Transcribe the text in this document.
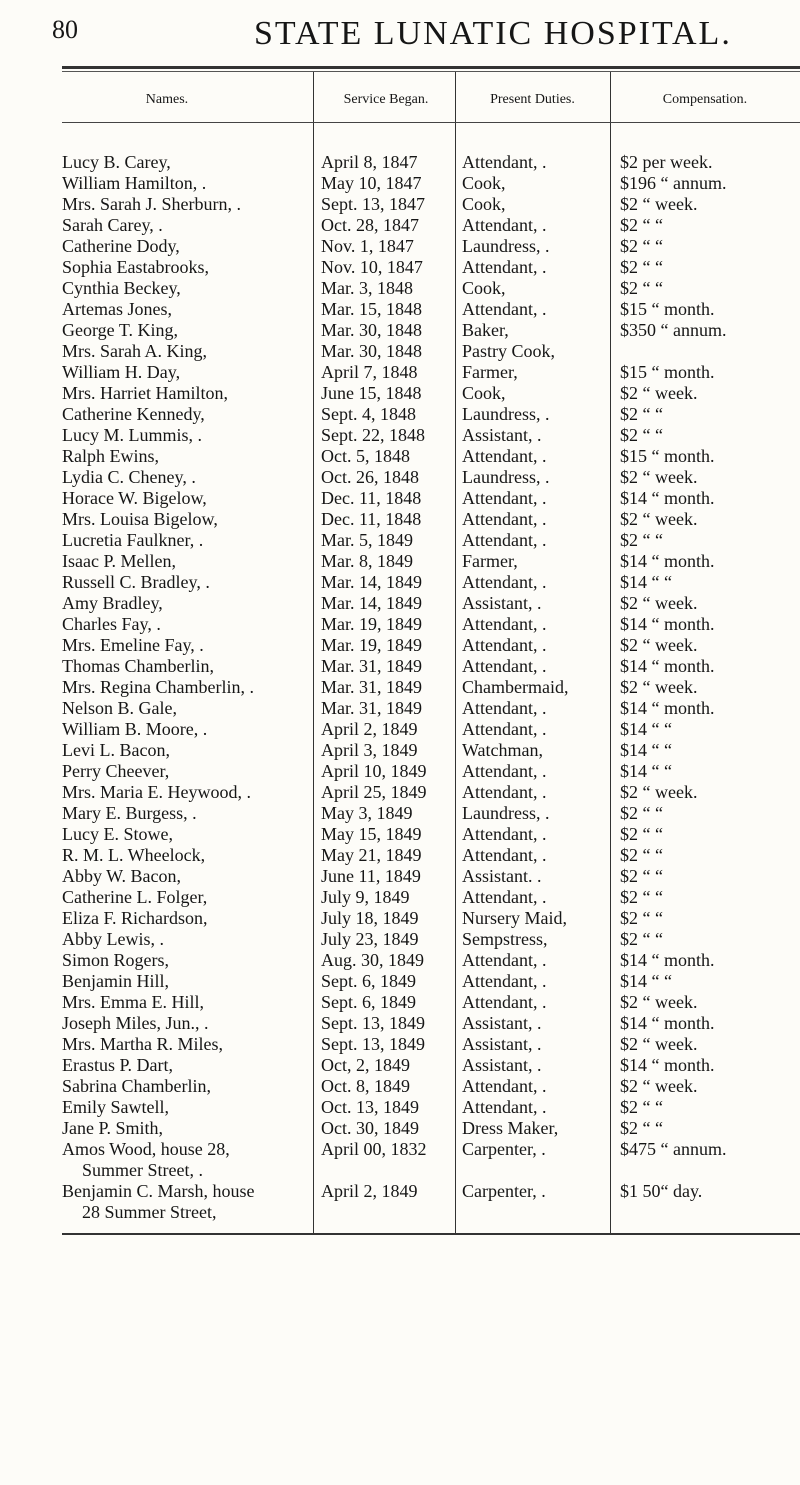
80	STATE LUNATIC HOSPITAL.
Names.	Service Began.	Present Duties.	Compensation.
Lucy B. Carey,	April 8, 1847	Attendant, .	$2 per week.
William Hamilton, .	May 10, 1847	Cook,	$196 “ annum.
Mrs. Sarah J. Sherburn, .	Sept. 13, 1847	Cook,	$2 “ week.
Sarah Carey, .	Oct. 28, 1847	Attendant, .	$2 “ “
Catherine Dody,	Nov. 1, 1847	Laundress, .	$2 “ “
Sophia Eastabrooks,	Nov. 10, 1847	Attendant, .	$2 “ “
Cynthia Beckey,	Mar. 3, 1848	Cook,	$2 “ “
Artemas Jones,	Mar. 15, 1848	Attendant, .	$15 “ month.
George T. King,	Mar. 30, 1848	Baker,	$350 “ annum.
Mrs. Sarah A. King,	Mar. 30, 1848	Pastry Cook,
William H. Day,	April 7, 1848	Farmer,	$15 “ month.
Mrs. Harriet Hamilton,	June 15, 1848	Cook,	$2 “ week.
Catherine Kennedy,	Sept. 4, 1848	Laundress, .	$2 “ “
Lucy M. Lummis, .	Sept. 22, 1848	Assistant, .	$2 “ “
Ralph Ewins,	Oct. 5, 1848	Attendant, .	$15 “ month.
Lydia C. Cheney, .	Oct. 26, 1848	Laundress, .	$2 “ week.
Horace W. Bigelow,	Dec. 11, 1848	Attendant, .	$14 “ month.
Mrs. Louisa Bigelow,	Dec. 11, 1848	Attendant, .	$2 “ week.
Lucretia Faulkner, .	Mar. 5, 1849	Attendant, .	$2 “ “
Isaac P. Mellen,	Mar. 8, 1849	Farmer,	$14 “ month.
Russell C. Bradley, .	Mar. 14, 1849	Attendant, .	$14 “ “
Amy Bradley,	Mar. 14, 1849	Assistant, .	$2 “ week.
Charles Fay, .	Mar. 19, 1849	Attendant, .	$14 “ month.
Mrs. Emeline Fay, .	Mar. 19, 1849	Attendant, .	$2 “ week.
Thomas Chamberlin,	Mar. 31, 1849	Attendant, .	$14 “ month.
Mrs. Regina Chamberlin, .	Mar. 31, 1849	Chambermaid,	$2 “ week.
Nelson B. Gale,	Mar. 31, 1849	Attendant, .	$14 “ month.
William B. Moore, .	April 2, 1849	Attendant, .	$14 “ “
Levi L. Bacon,	April 3, 1849	Watchman,	$14 “ “
Perry Cheever,	April 10, 1849	Attendant, .	$14 “ “
Mrs. Maria E. Heywood, .	April 25, 1849	Attendant, .	$2 “ week.
Mary E. Burgess, .	May 3, 1849	Laundress, .	$2 “ “
Lucy E. Stowe,	May 15, 1849	Attendant, .	$2 “ “
R. M. L. Wheelock,	May 21, 1849	Attendant, .	$2 “ “
Abby W. Bacon,	June 11, 1849	Assistant. .	$2 “ “
Catherine L. Folger,	July 9, 1849	Attendant, .	$2 “ “
Eliza F. Richardson,	July 18, 1849	Nursery Maid,	$2 “ “
Abby Lewis, .	July 23, 1849	Sempstress,	$2 “ “
Simon Rogers,	Aug. 30, 1849	Attendant, .	$14 “ month.
Benjamin Hill,	Sept. 6, 1849	Attendant, .	$14 “ “
Mrs. Emma E. Hill,	Sept. 6, 1849	Attendant, .	$2 “ week.
Joseph Miles, Jun., .	Sept. 13, 1849	Assistant, .	$14 “ month.
Mrs. Martha R. Miles,	Sept. 13, 1849	Assistant, .	$2 “ week.
Erastus P. Dart,	Oct, 2, 1849	Assistant, .	$14 “ month.
Sabrina Chamberlin,	Oct. 8, 1849	Attendant, .	$2 “ week.
Emily Sawtell,	Oct. 13, 1849	Attendant, .	$2 “ “
Jane P. Smith,	Oct. 30, 1849	Dress Maker,	$2 “ “
Amos Wood, house 28,	April 00, 1832	Carpenter, .	$475 “ annum.
Summer Street, .
Benjamin C. Marsh, house	April 2, 1849	Carpenter, .	$1 50“ day.
28 Summer Street,
